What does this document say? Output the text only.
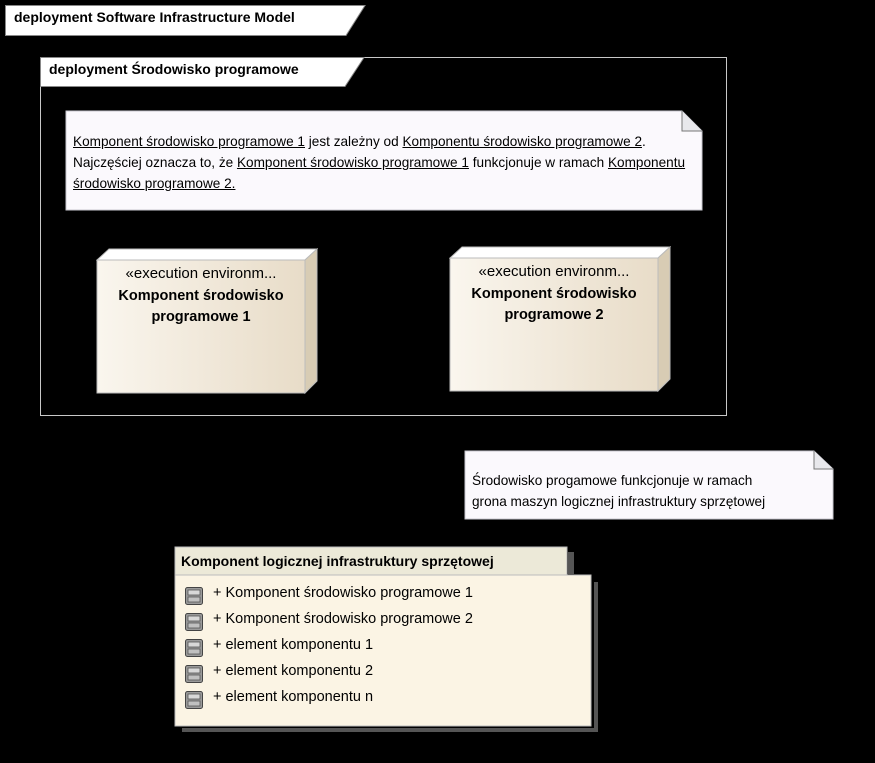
deployment Software Infrastructure Model
deployment Środowisko programowe
Komponent środowisko programowe 1 jest zależny od Komponentu środowisko programowe 2. Najczęściej oznacza to, że Komponent środowisko programowe 1 funkcjonuje w ramach Komponentu środowisko programowe 2.
«execution environm...
Komponent środowisko
programowe 1
«execution environm...
Komponent środowisko
programowe 2
Środowisko progamowe funkcjonuje w ramach
grona maszyn logicznej infrastruktury sprzętowej
Komponent logicznej infrastruktury sprzętowej
+ Komponent środowisko programowe 1
+ Komponent środowisko programowe 2
+ element komponentu 1
+ element komponentu 2
+ element komponentu n
